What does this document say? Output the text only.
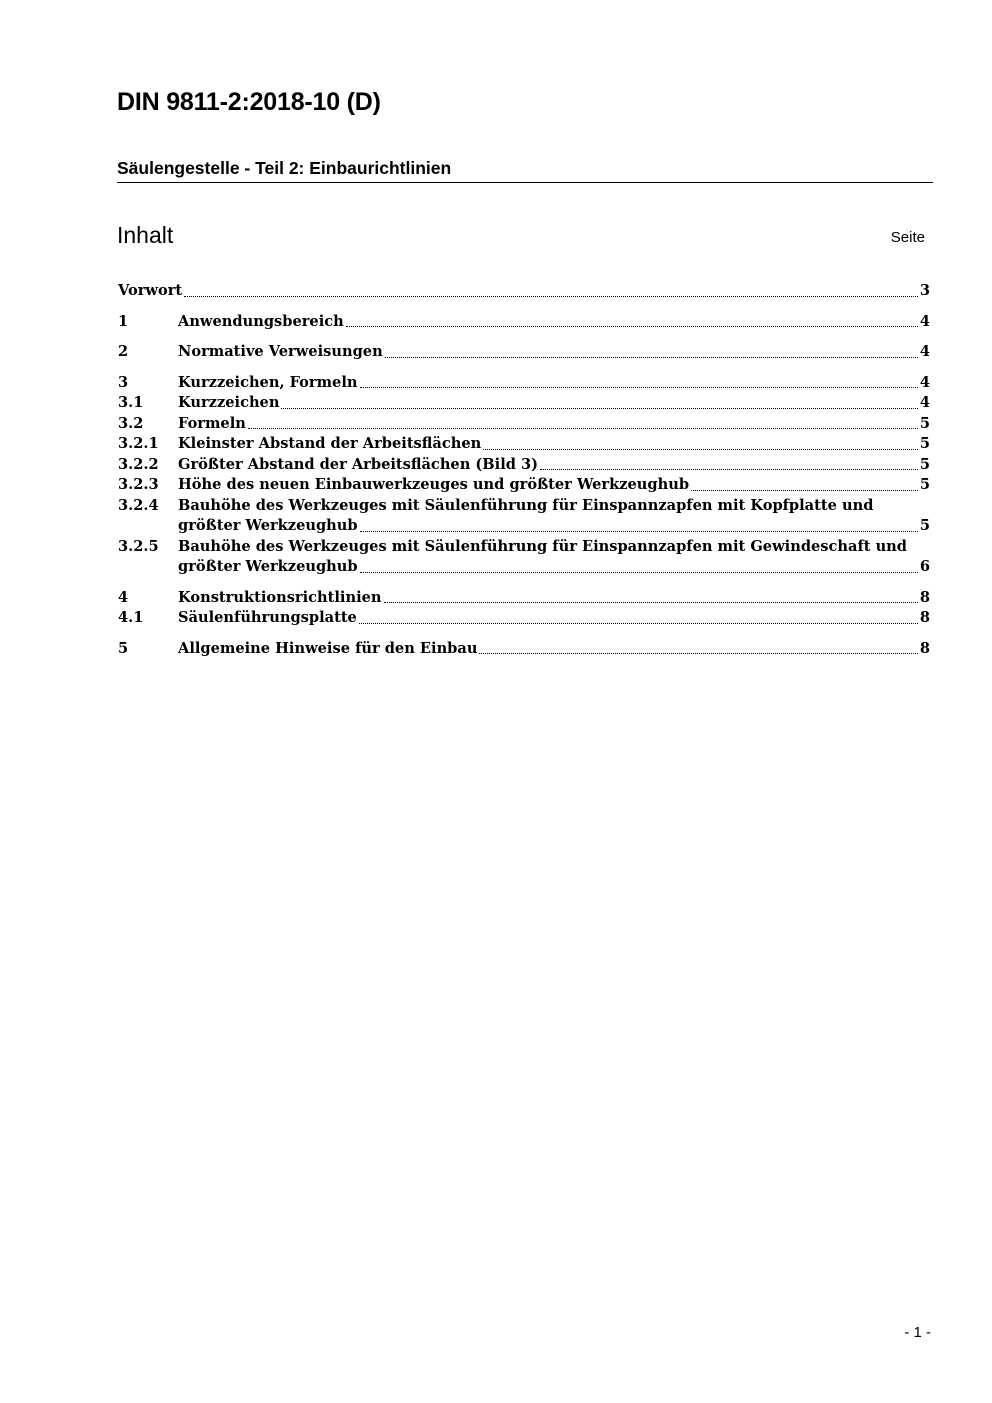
DIN 9811-2:2018-10 (D)
Säulengestelle - Teil 2: Einbaurichtlinien
Inhalt	Seite
Vorwort	3
1	Anwendungsbereich	4
2	Normative Verweisungen	4
3	Kurzzeichen, Formeln	4
3.1 Kurzzeichen	4
3.2 Formeln	5
3.2.1 Kleinster Abstand der Arbeitsflächen	5
3.2.2 Größter Abstand der Arbeitsflächen (Bild 3)	5
3.2.3 Höhe des neuen Einbauwerkzeuges und größter Werkzeughub	5
3.2.4 Bauhöhe des Werkzeuges mit Säulenführung für Einspannzapfen mit Kopfplatte und
größter Werkzeughub	5
3.2.5 Bauhöhe des Werkzeuges mit Säulenführung für Einspannzapfen mit Gewindeschaft und
größter Werkzeughub	6
4	Konstruktionsrichtlinien	8
4.1 Säulenführungsplatte	8
5	Allgemeine Hinweise für den Einbau	8
- 1 -
